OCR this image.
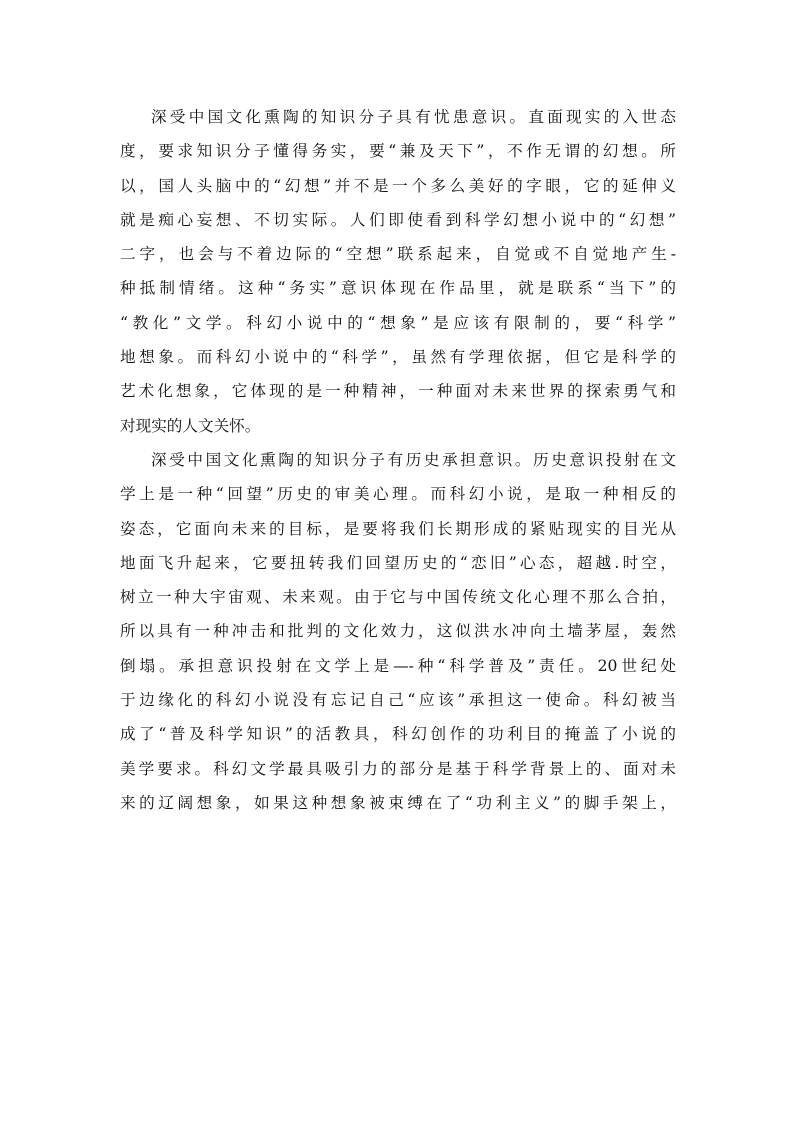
深受中国文化熏陶的知识分子具有忧患意识。直面现实的入世态
度，要求知识分子懂得务实，要“兼及天下”，不作无谓的幻想。所
以，国人头脑中的“幻想”并不是一个多么美好的字眼，它的延伸义
就是痴心妄想、不切实际。人们即使看到科学幻想小说中的“幻想”
二字，也会与不着边际的“空想”联系起来，自觉或不自觉地产生-
种抵制情绪。这种“务实”意识体现在作品里，就是联系“当下”的
“教化”文学。科幻小说中的“想象”是应该有限制的，要“科学”
地想象。而科幻小说中的“科学”，虽然有学理依据，但它是科学的
艺术化想象，它体现的是一种精神，一种面对未来世界的探索勇气和
对现实的人文关怀。
深受中国文化熏陶的知识分子有历史承担意识。历史意识投射在文
学上是一种“回望”历史的审美心理。而科幻小说，是取一种相反的
姿态，它面向未来的目标，是要将我们长期形成的紧贴现实的目光从
地面飞升起来，它要扭转我们回望历史的“恋旧”心态，超越.时空，
树立一种大宇宙观、未来观。由于它与中国传统文化心理不那么合拍，
所以具有一种冲击和批判的文化效力，这似洪水冲向土墙茅屋，轰然
倒塌。承担意识投射在文学上是—-种“科学普及”责任。20世纪处
于边缘化的科幻小说没有忘记自己“应该”承担这一使命。科幻被当
成了“普及科学知识”的活教具，科幻创作的功利目的掩盖了小说的
美学要求。科幻文学最具吸引力的部分是基于科学背景上的、面对未
来的辽阔想象，如果这种想象被束缚在了“功利主义”的脚手架上，
